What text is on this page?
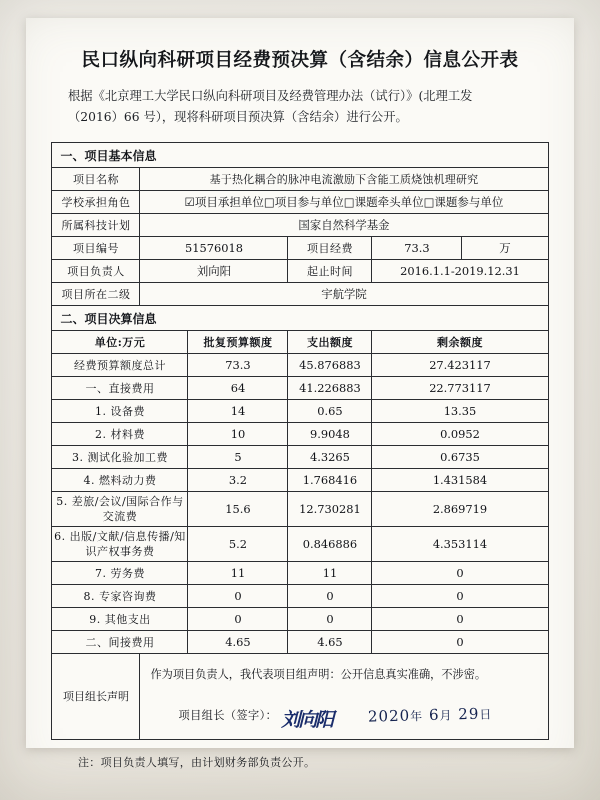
民口纵向科研项目经费预决算（含结余）信息公开表
根据《北京理工大学民口纵向科研项目及经费管理办法（试行）》(北理工发
（2016）66 号），现将科研项目预决算（含结余）进行公开。
一、项目基本信息					
项目名称	基于热化耦合的脉冲电流激励下含能工质烧蚀机理研究				
学校承担角色	☑项目承担单位□项目参与单位□课题牵头单位□课题参与单位				
所属科技计划	国家自然科学基金				
项目编号	51576018		项目经费	73.3	万
项目负责人	刘向阳		起止时间	2016.1.1-2019.12.31	
项目所在二级	宇航学院				
二、项目决算信息					
单位:万元		批复预算额度	支出额度	剩余额度	
经费预算额度总计		73.3	45.876883	27.423117	
一、直接费用		64	41.226883	22.773117	
1. 设备费		14	0.65	13.35	
2. 材料费		10	9.9048	0.0952	
3. 测试化验加工费		5	4.3265	0.6735	
4. 燃料动力费		3.2	1.768416	1.431584	
5. 差旅/会议/国际合作与交流费		15.6	12.730281	2.869719	
6. 出版/文献/信息传播/知识产权事务费		5.2	0.846886	4.353114	
7. 劳务费		11	11	0	
8. 专家咨询费		0	0	0	
9. 其他支出		0	0	0	
二、间接费用		4.65	4.65	0	
项目组长声明	作为项目负责人，我代表项目组声明：公开信息真实准确，不涉密。
项目组长（签字）： 刘向阳 2020年 6月 29日				
注：项目负责人填写，由计划财务部负责公开。
